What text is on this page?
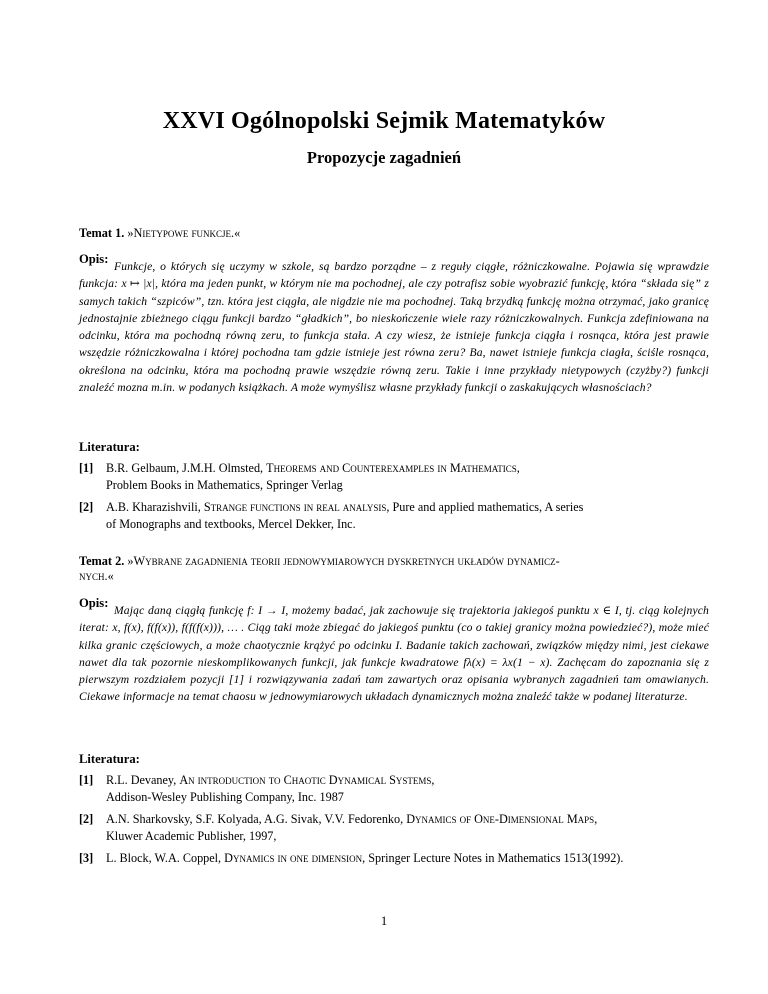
XXVI Ogólnopolski Sejmik Matematyków
Propozycje zagadnień
Temat 1. »Nietypowe funkcje.«
Opis:
Funkcje, o których się uczymy w szkole, są bardzo porządne – z reguły ciągłe, różniczkowalne. Pojawia się wprawdzie funkcja: x ↦ |x|, która ma jeden punkt, w którym nie ma pochodnej, ale czy potrafisz sobie wyobrazić funkcję, która “składa się” z samych takich “szpiców”, tzn. która jest ciągła, ale nigdzie nie ma pochodnej. Taką brzydką funkcję można otrzymać, jako granicę jednostajnie zbieżnego ciągu funkcji bardzo “gładkich”, bo nieskończenie wiele razy różniczkowalnych. Funkcja zdefiniowana na odcinku, która ma pochodną równą zeru, to funkcja stała. A czy wiesz, że istnieje funkcja ciągła i rosnąca, która jest prawie wszędzie różniczkowalna i której pochodna tam gdzie istnieje jest równa zeru? Ba, nawet istnieje funkcja ciagła, ściśle rosnąca, określona na odcinku, która ma pochodną prawie wszędzie równą zeru. Takie i inne przykłady nietypowych (czyżby?) funkcji znaleźć mozna m.in. w podanych książkach. A może wymyślisz własne przykłady funkcji o zaskakujących własnościach?
Literatura:
[1] B.R. Gelbaum, J.M.H. Olmsted, Theorems and Counterexamples in Mathematics,
Problem Books in Mathematics, Springer Verlag
[2] A.B. Kharazishvili, Strange functions in real analysis, Pure and applied mathematics, A series
of Monographs and textbooks, Mercel Dekker, Inc.
Temat 2. »Wybrane zagadnienia teorii jednowymiarowych dyskretnych układów dynamicz-
nych.«
Opis:
Mając daną ciągłą funkcję f: I → I, możemy badać, jak zachowuje się trajektoria jakiegoś punktu x ∈ I, tj. ciąg kolejnych iterat: x, f(x), f(f(x)), f(f(f(x))), … . Ciąg taki może zbiegać do jakiegoś punktu (co o takiej granicy można powiedzieć?), może mieć kilka granic częściowych, a może chaotycznie krążyć po odcinku I. Badanie takich zachowań, związków między nimi, jest ciekawe nawet dla tak pozornie nieskomplikowanych funkcji, jak funkcje kwadratowe fλ(x) = λx(1 − x). Zachęcam do zapoznania się z pierwszym rozdziałem pozycji [1] i rozwiązywania zadań tam zawartych oraz opisania wybranych zagadnień tam omawianych. Ciekawe informacje na temat chaosu w jednowymiarowych układach dynamicznych można znaleźć także w podanej literaturze.
Literatura:
[1] R.L. Devaney, An introduction to Chaotic Dynamical Systems,
Addison-Wesley Publishing Company, Inc. 1987
[2] A.N. Sharkovsky, S.F. Kolyada, A.G. Sivak, V.V. Fedorenko, Dynamics of One-Dimensional Maps,
Kluwer Academic Publisher, 1997,
[3] L. Block, W.A. Coppel, Dynamics in one dimension, Springer Lecture Notes in Mathematics 1513(1992).
1
